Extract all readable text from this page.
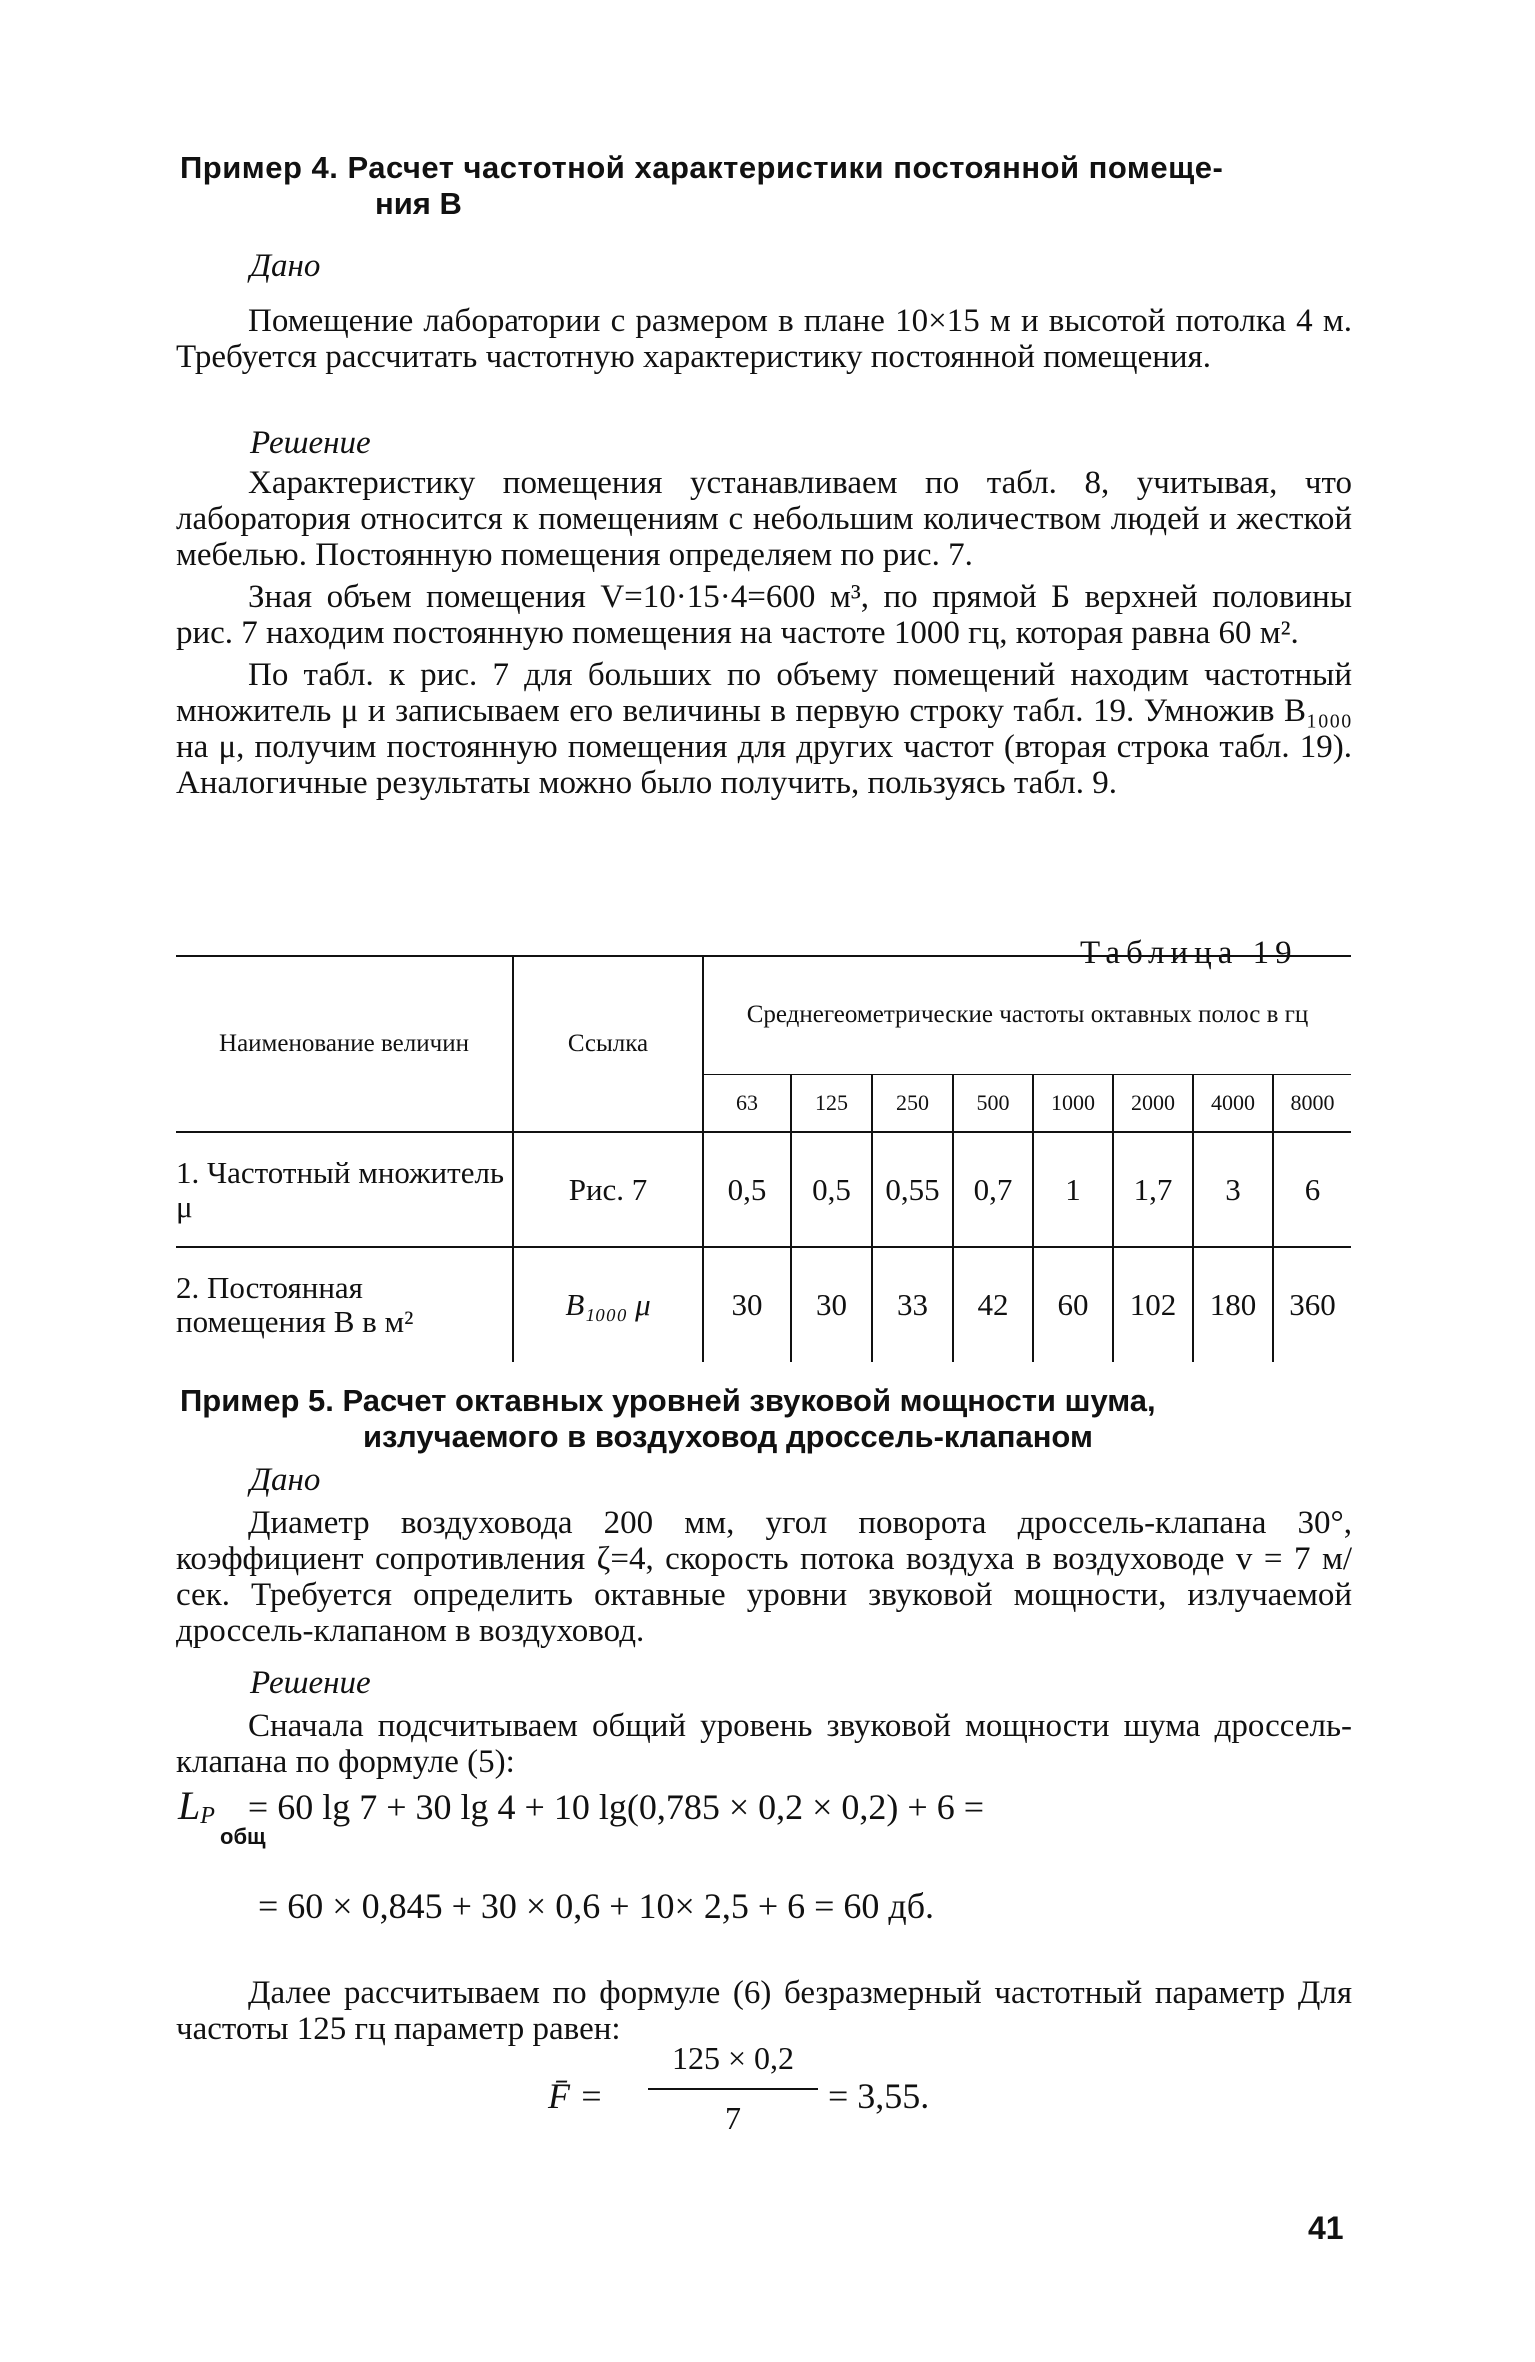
Пример 4. Расчет частотной характеристики постоянной помеще-
ния В
Дано

Помещение лаборатории с размером в плане 10×15 м и высотой потолка 4 м. Требуется рассчитать частотную характеристику постоянной помещения.

Решение

Характеристику помещения устанавливаем по табл. 8, учитывая, что лаборатория относится к помещениям с небольшим количеством людей и жесткой мебелью. Постоянную помещения определяем по рис. 7.

Зная объем помещения V=10·15·4=600 м³, по прямой Б верхней половины рис. 7 находим постоянную помещения на частоте 1000 гц, которая равна 60 м².

По табл. к рис. 7 для больших по объему помещений находим частотный множитель μ и записываем его величины в первую строку табл. 19. Умножив B₁₀₀₀ на μ, получим постоянную помещения для других частот (вторая строка табл. 19). Аналогичные результаты можно было получить, пользуясь табл. 9.

Таблица 19
Наименование величин	Ссылка	Среднегеометрические частоты октавных полос в гц							
		63	125	250	500	1000	2000	4000	8000
1. Частотный множитель μ	Рис. 7	0,5	0,5	0,55	0,7	1	1,7	3	6
2. Постоянная помещения B в м²	B₁₀₀₀ μ	30	30	33	42	60	102	180	360
Пример 5. Расчет октавных уровней звуковой мощности шума,
излучаемого в воздуховод дроссель-клапаном
Дано

Диаметр воздуховода 200 мм, угол поворота дроссель-клапана 30°, коэффициент сопротивления ζ=4, скорость потока воздуха в воздуховоде v = 7 м/сек. Требуется определить октавные уровни звуковой мощности, излучаемой дроссель-клапаном в воздуховод.

Решение

Сначала подсчитываем общий уровень звуковой мощности шума дроссель-клапана по формуле (5):

LP
общ
= 60 lg 7 + 30 lg 4 + 10 lg(0,785 × 0,2 × 0,2) + 6 =
= 60 × 0,845 + 30 × 0,6 + 10× 2,5 + 6 = 60 дб.

Далее рассчитываем по формуле (6) безразмерный частотный параметр Для частоты 125 гц параметр равен:

F̄ =
125 × 0,2
7
= 3,55.
41
